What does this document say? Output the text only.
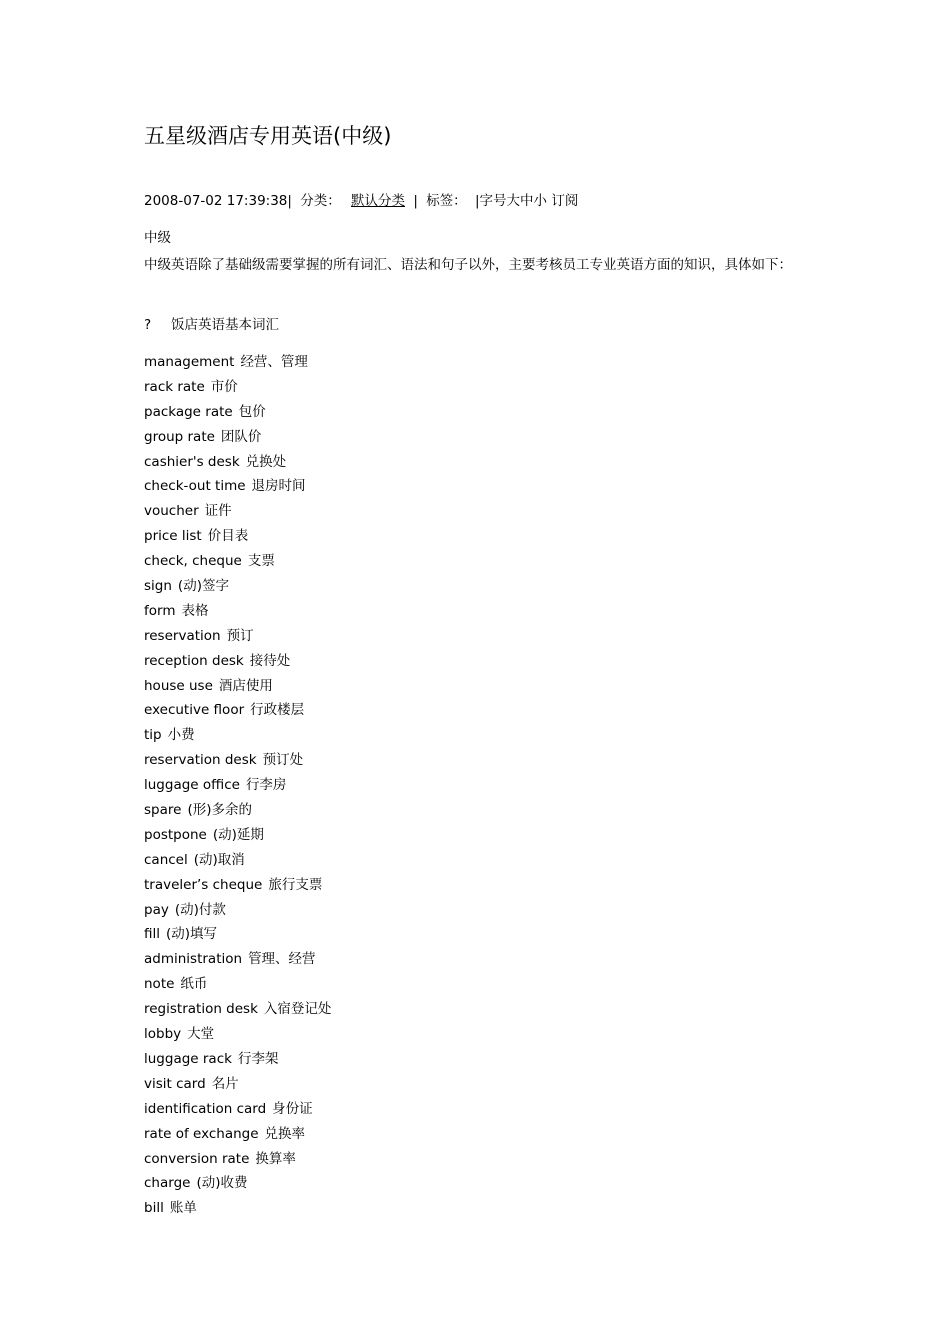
五星级酒店专用英语(中级)
2008-07-02 17:39:38| 分类： 默认分类 | 标签： |字号大中小 订阅
中级
中级英语除了基础级需要掌握的所有词汇、语法和句子以外，主要考核员工专业英语方面的知识，具体如下：
? 饭店英语基本词汇
management 经营、管理
rack rate 市价
package rate 包价
group rate 团队价
cashier's desk 兑换处
check-out time 退房时间
voucher 证件
price list 价目表
check, cheque 支票
sign (动)签字
form 表格
reservation 预订
reception desk 接待处
house use 酒店使用
executive floor 行政楼层
tip 小费
reservation desk 预订处
luggage office 行李房
spare (形)多余的
postpone (动)延期
cancel (动)取消
traveler’s cheque 旅行支票
pay (动)付款
fill (动)填写
administration 管理、经营
note 纸币
registration desk 入宿登记处
lobby 大堂
luggage rack 行李架
visit card 名片
identification card 身份证
rate of exchange 兑换率
conversion rate 换算率
charge (动)收费
bill 账单
